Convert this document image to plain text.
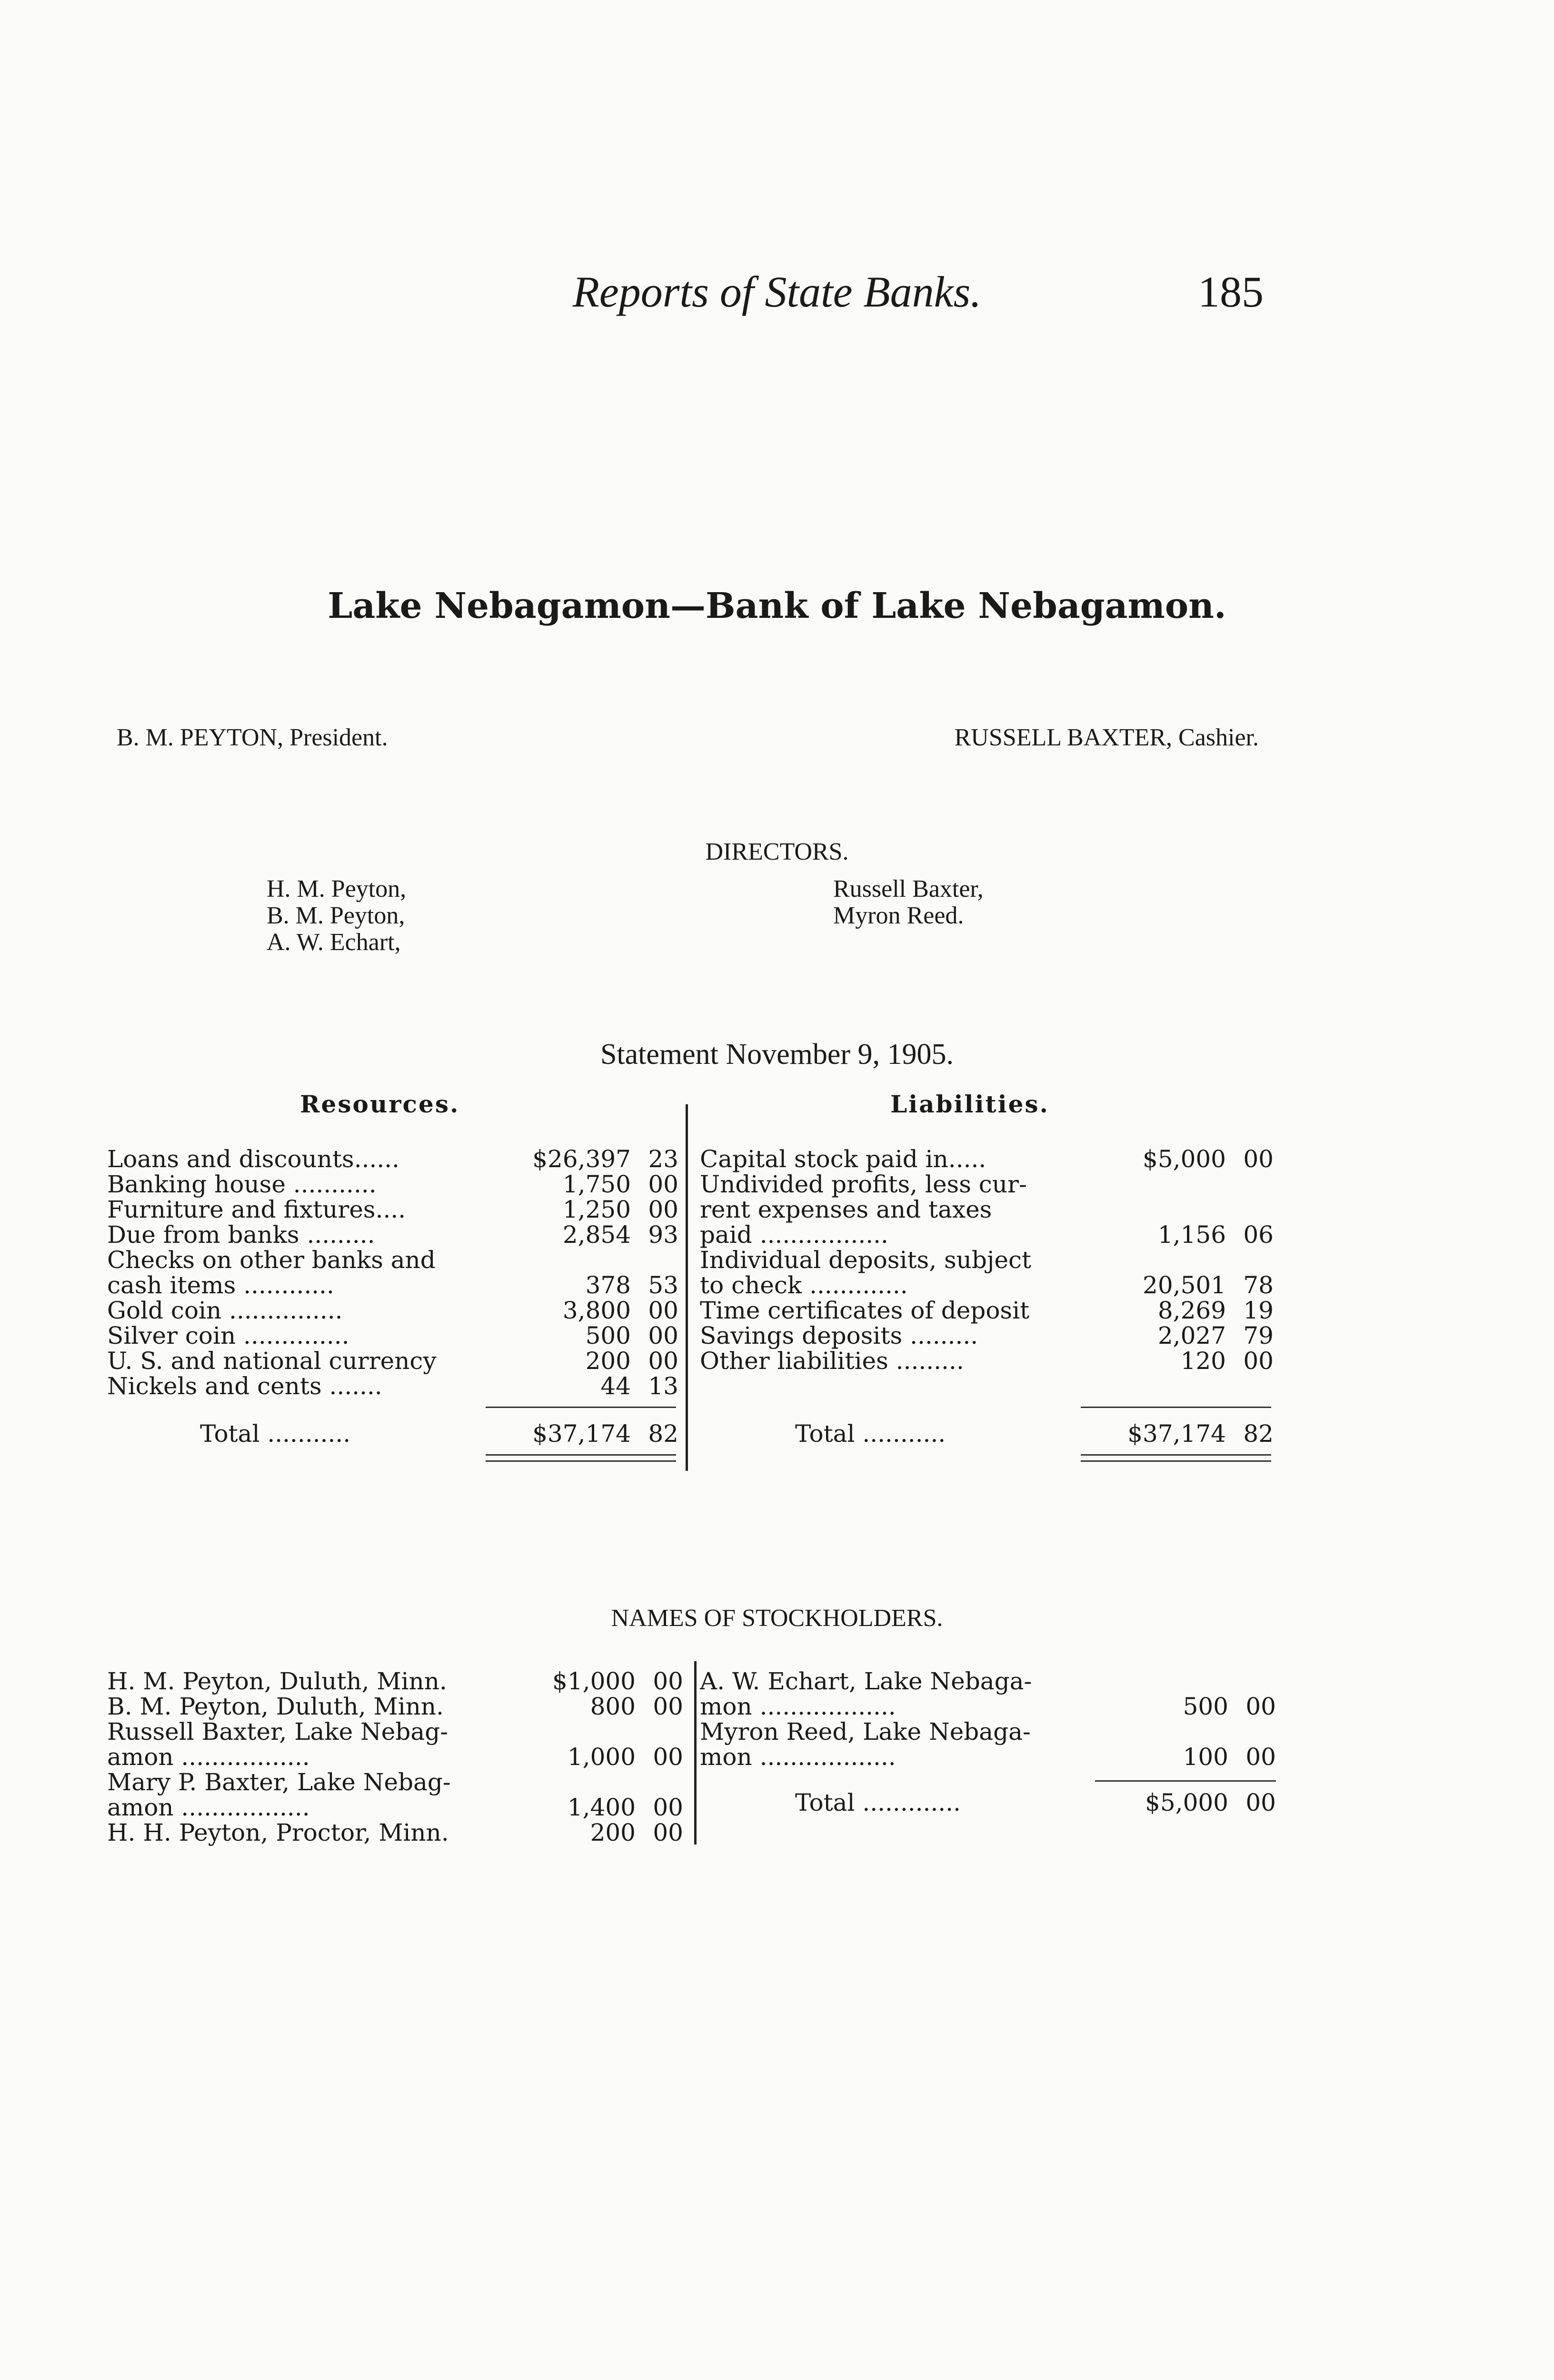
Reports of State Banks.	185
Lake Nebagamon—Bank of Lake Nebagamon.
B. M. PEYTON, President.	RUSSELL BAXTER, Cashier.
DIRECTORS.
H. M. Peyton,
B. M. Peyton,
A. W. Echart,
Russell Baxter,
Myron Reed.
Statement November 9, 1905.
Resources.	Liabilities.
Loans and discounts......	$26,397 23
Banking house ...........	1,750 00
Furniture and fixtures....	1,250 00
Due from banks .........	2,854 93
Checks on other banks and
cash items ............	378 53
Gold coin ...............	3,800 00
Silver coin ..............	500 00
U. S. and national currency	200 00
Nickels and cents .......	44 13
Total ...........	$37,174 82
Capital stock paid in.....	$5,000 00
Undivided profits, less cur-
rent expenses and taxes
paid .................	1,156 06
Individual deposits, subject
to check .............	20,501 78
Time certificates of deposit	8,269 19
Savings deposits .........	2,027 79
Other liabilities .........	120 00
Total ...........	$37,174 82
NAMES OF STOCKHOLDERS.
H. M. Peyton, Duluth, Minn.	$1,000 00
B. M. Peyton, Duluth, Minn.	800 00
Russell Baxter, Lake Nebag-
amon .................	1,000 00
Mary P. Baxter, Lake Nebag-
amon .................	1,400 00
H. H. Peyton, Proctor, Minn.	200 00
A. W. Echart, Lake Nebaga-
mon ..................	500 00
Myron Reed, Lake Nebaga-
mon ..................	100 00
Total .............	$5,000 00
